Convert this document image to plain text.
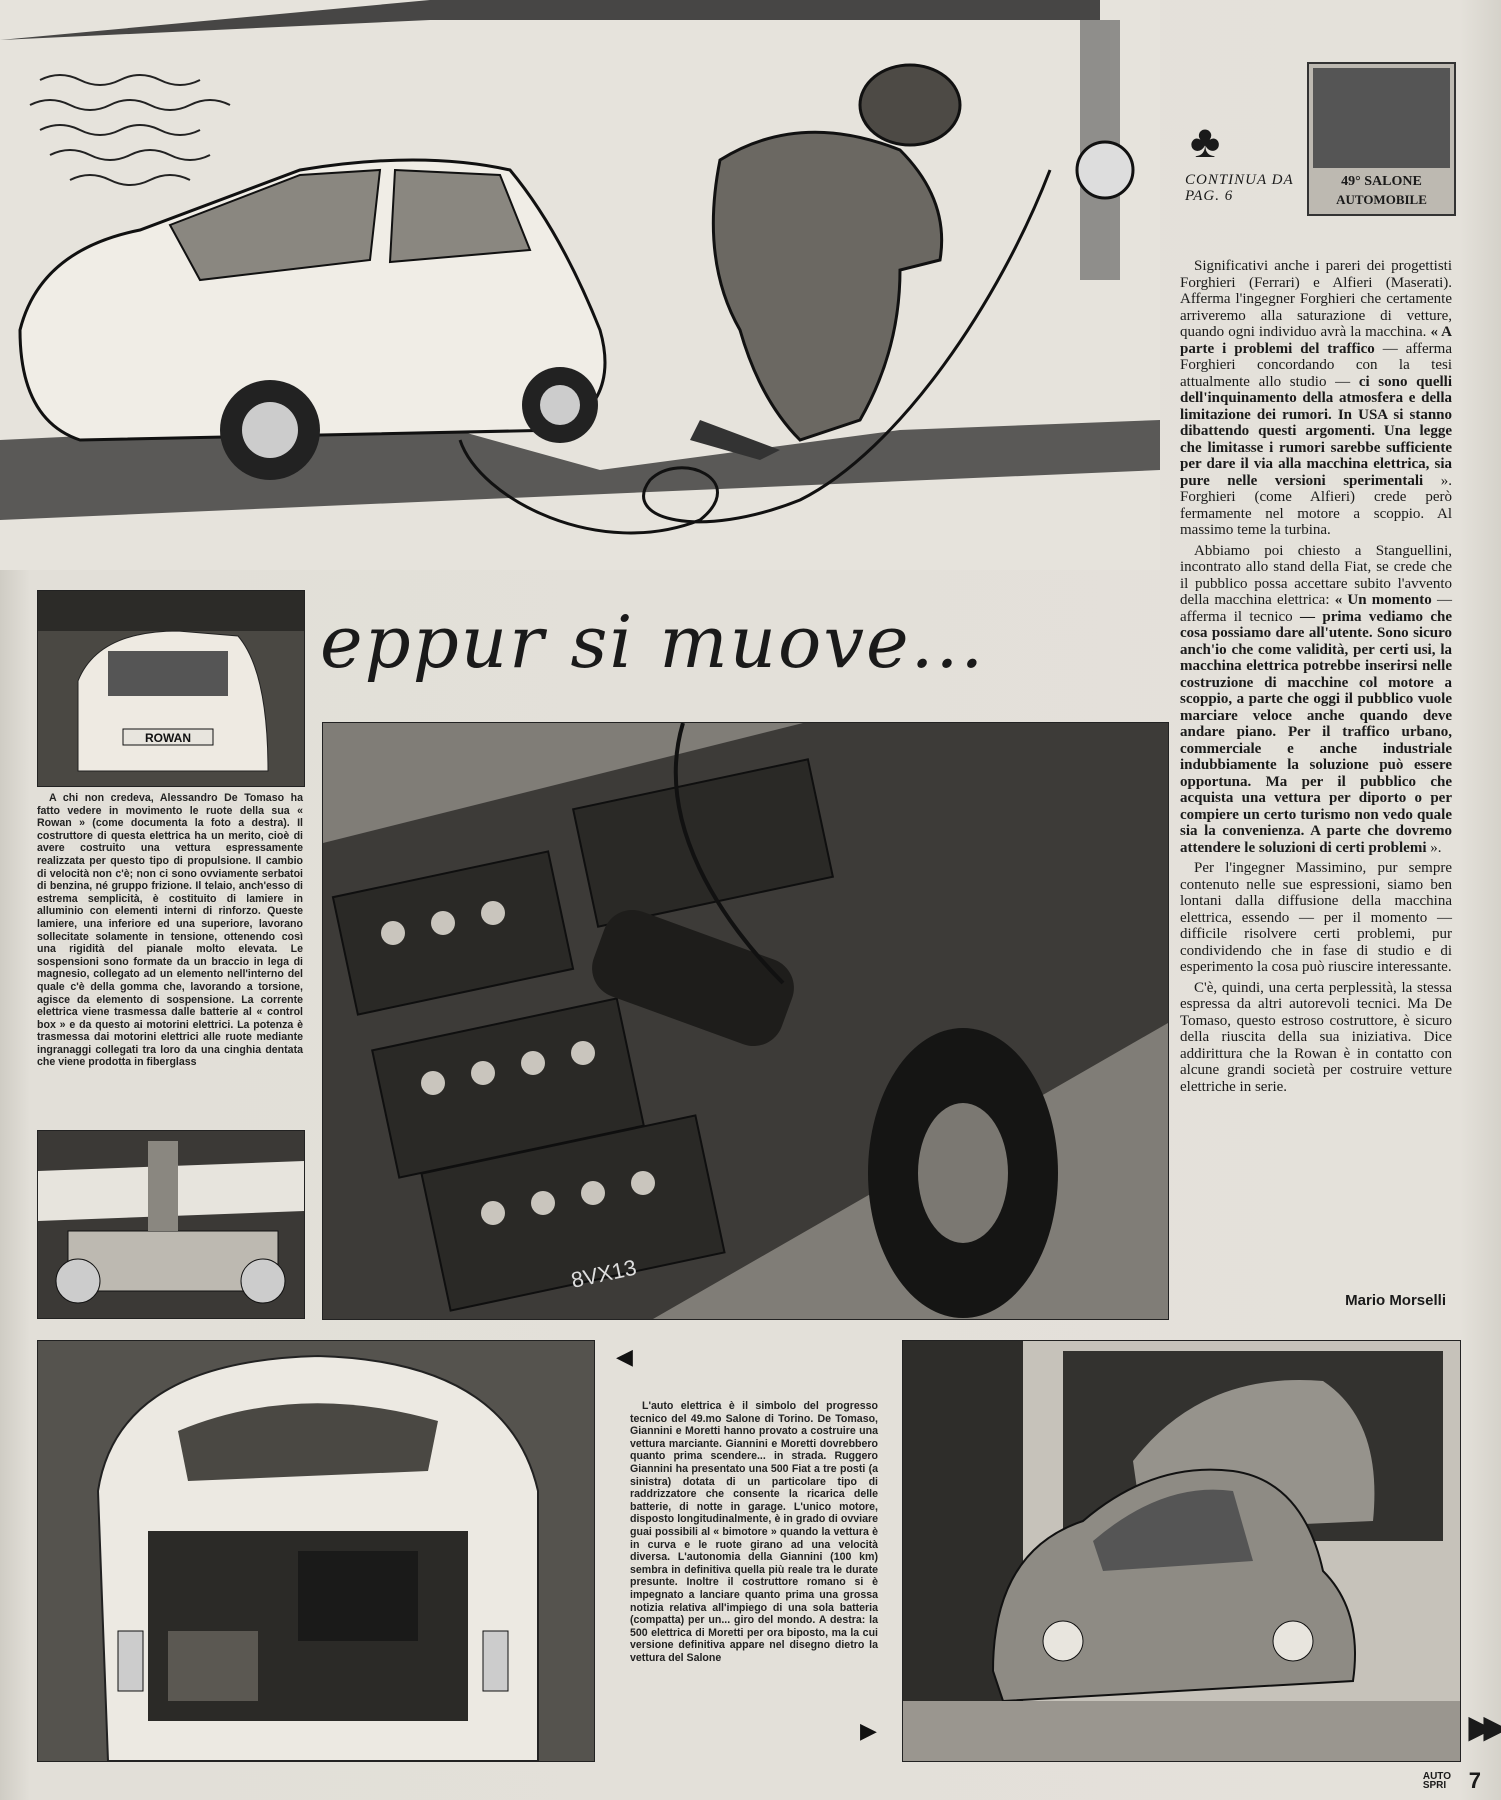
♣
CONTINUA DA PAG. 6
49° SALONE
AUTOMOBILE

Significativi anche i pareri dei progettisti Forghieri (Ferrari) e Alfieri (Maserati). Afferma l'ingegner Forghieri che certamente arriveremo alla saturazione di vetture, quando ogni individuo avrà la macchina. « A parte i problemi del traffico — afferma Forghieri concordando con la tesi attualmente allo studio — ci sono quelli dell'inquinamento della atmosfera e della limitazione dei rumori. In USA si stanno dibattendo questi argomenti. Una legge che limitasse i rumori sarebbe sufficiente per dare il via alla macchina elettrica, sia pure nelle versioni sperimentali ». Forghieri (come Alfieri) crede però fermamente nel motore a scoppio. Al massimo teme la turbina.

Abbiamo poi chiesto a Stanguellini, incontrato allo stand della Fiat, se crede che il pubblico possa accettare subito l'avvento della macchina elettrica: « Un momento — afferma il tecnico — prima vediamo che cosa possiamo dare all'utente. Sono sicuro anch'io che come validità, per certi usi, la macchina elettrica potrebbe inserirsi nelle costruzione di macchine col motore a scoppio, a parte che oggi il pubblico vuole marciare veloce anche quando deve andare piano. Per il traffico urbano, commerciale e anche industriale indubbiamente la soluzione può essere opportuna. Ma per il pubblico che acquista una vettura per diporto o per compiere un certo turismo non vedo quale sia la convenienza. A parte che dovremo attendere le soluzioni di certi problemi ».

Per l'ingegner Massimino, pur sempre contenuto nelle sue espressioni, siamo ben lontani dalla diffusione della macchina elettrica, essendo — per il momento — difficile risolvere certi problemi, pur condividendo che in fase di studio e di esperimento la cosa può riuscire interessante.

C'è, quindi, una certa perplessità, la stessa espressa da altri autorevoli tecnici. Ma De Tomaso, questo estroso costruttore, è sicuro della riuscita della sua iniziativa. Dice addirittura che la Rowan è in contatto con alcune grandi società per costruire vetture elettriche in serie.

Mario Morselli
eppur si muove...
ROWAN

A chi non credeva, Alessandro De Tomaso ha fatto vedere in movimento le ruote della sua « Rowan » (come documenta la foto a destra). Il costruttore di questa elettrica ha un merito, cioè di avere costruito una vettura espressamente realizzata per questo tipo di propulsione. Il cambio di velocità non c'è; non ci sono ovviamente serbatoi di benzina, né gruppo frizione. Il telaio, anch'esso di estrema semplicità, è costituito di lamiere in alluminio con elementi interni di rinforzo. Queste lamiere, una inferiore ed una superiore, lavorano sollecitate solamente in tensione, ottenendo così una rigidità del pianale molto elevata. Le sospensioni sono formate da un braccio in lega di magnesio, collegato ad un elemento nell'interno del quale c'è della gomma che, lavorando a torsione, agisce da elemento di sospensione. La corrente elettrica viene trasmessa dalle batterie al « control box » e da questo ai motorini elettrici. La potenza è trasmessa dai motorini elettrici alle ruote mediante ingranaggi collegati tra loro da una cinghia dentata che viene prodotta in fiberglass

8VX13
◀

L'auto elettrica è il simbolo del progresso tecnico del 49.mo Salone di Torino. De Tomaso, Giannini e Moretti hanno provato a costruire una vettura marciante. Giannini e Moretti dovrebbero quanto prima scendere... in strada. Ruggero Giannini ha presentato una 500 Fiat a tre posti (a sinistra) dotata di un particolare tipo di raddrizzatore che consente la ricarica delle batterie, di notte in garage. L'unico motore, disposto longitudinalmente, è in grado di ovviare guai possibili al « bimotore » quando la vettura è in curva e le ruote girano ad una velocità diversa. L'autonomia della Giannini (100 km) sembra in definitiva quella più reale tra le durate presunte. Inoltre il costruttore romano si è impegnato a lanciare quanto prima una grossa notizia relativa all'impiego di una sola batteria (compatta) per un... giro del mondo. A destra: la 500 elettrica di Moretti per ora biposto, ma la cui versione definitiva appare nel disegno dietro la vettura del Salone

▶	▶▶
AUTO
SPRI 7
